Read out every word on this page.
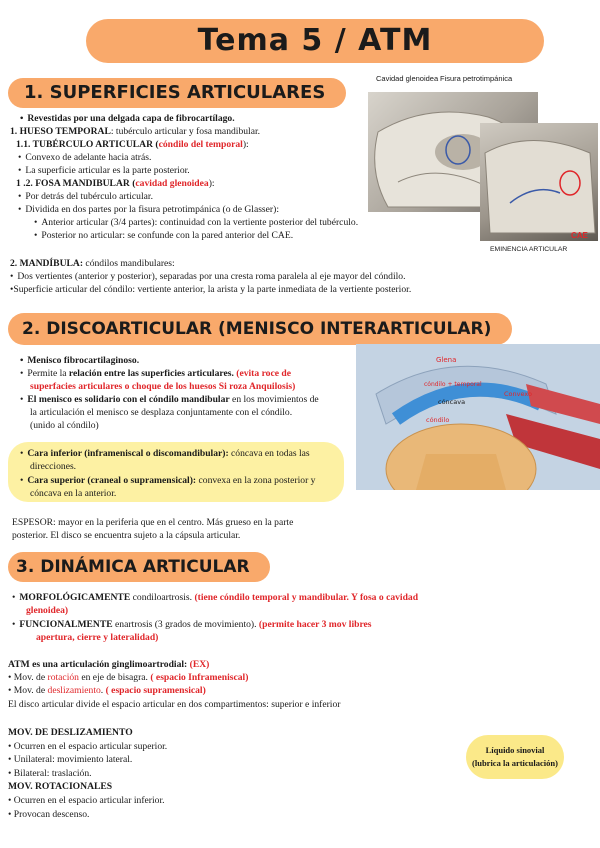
Tema 5 / ATM
1. SUPERFICIES ARTICULARES
Cavidad glenoidea Fisura petrotimpánica
EMINENCIA ARTICULAR
CAE
• Revestidas por una delgada capa de fibrocartílago.
1. HUESO TEMPORAL: tubérculo articular y fosa mandibular.
1.1. TUBÉRCULO ARTICULAR (cóndilo del temporal):
• Convexo de adelante hacia atrás.
• La superficie articular es la parte posterior.
1 .2. FOSA MANDIBULAR (cavidad glenoidea):
• Por detrás del tubérculo articular.
• Dividida en dos partes por la fisura petrotimpánica (o de Glasser):
• Anterior articular (3/4 partes): continuidad con la vertiente posterior del tubérculo.
• Posterior no articular: se confunde con la pared anterior del CAE.
2. MANDÍBULA: cóndilos mandibulares:
• Dos vertientes (anterior y posterior), separadas por una cresta roma paralela al eje mayor del cóndilo.
•Superficie articular del cóndilo: vertiente anterior, la arista y la parte inmediata de la vertiente posterior.
2. DISCOARTICULAR (MENISCO INTERARTICULAR)
Glena
cóndilo + temporal
Convexo
cóncava
cóndilo
• Menisco fibrocartilaginoso.
• Permite la relación entre las superficies articulares. (evita roce de
superfacies articulares o choque de los huesos Si roza Anquilosis)
• El menisco es solidario con el cóndilo mandibular en los movimientos de
la articulación el menisco se desplaza conjuntamente con el cóndilo.
(unido al cóndilo)
• Cara inferior (inframeniscal o discomandibular): cóncava en todas las
direcciones.
• Cara superior (craneal o supramensical): convexa en la zona posterior y
cóncava en la anterior.
ESPESOR: mayor en la periferia que en el centro. Más grueso en la parte
posterior. El disco se encuentra sujeto a la cápsula articular.
3. DINÁMICA ARTICULAR
• MORFOLÓGICAMENTE condiloartrosis. (tiene cóndilo temporal y mandibular. Y fosa o cavidad
glenoidea)
• FUNCIONALMENTE enartrosis (3 grados de movimiento). (permite hacer 3 mov libres
apertura, cierre y lateralidad)
ATM es una articulación ginglimoartrodial: (EX)
• Mov. de rotación en eje de bisagra. ( espacio Inframeniscal)
• Mov. de deslizamiento. ( espacio supramensical)
El disco articular divide el espacio articular en dos compartimentos: superior e inferior
MOV. DE DESLIZAMIENTO
• Ocurren en el espacio articular superior.
• Unilateral: movimiento lateral.
• Bilateral: traslación.
MOV. ROTACIONALES
• Ocurren en el espacio articular inferior.
• Provocan descenso.
Líquido sinovial
(lubrica la articulación)
